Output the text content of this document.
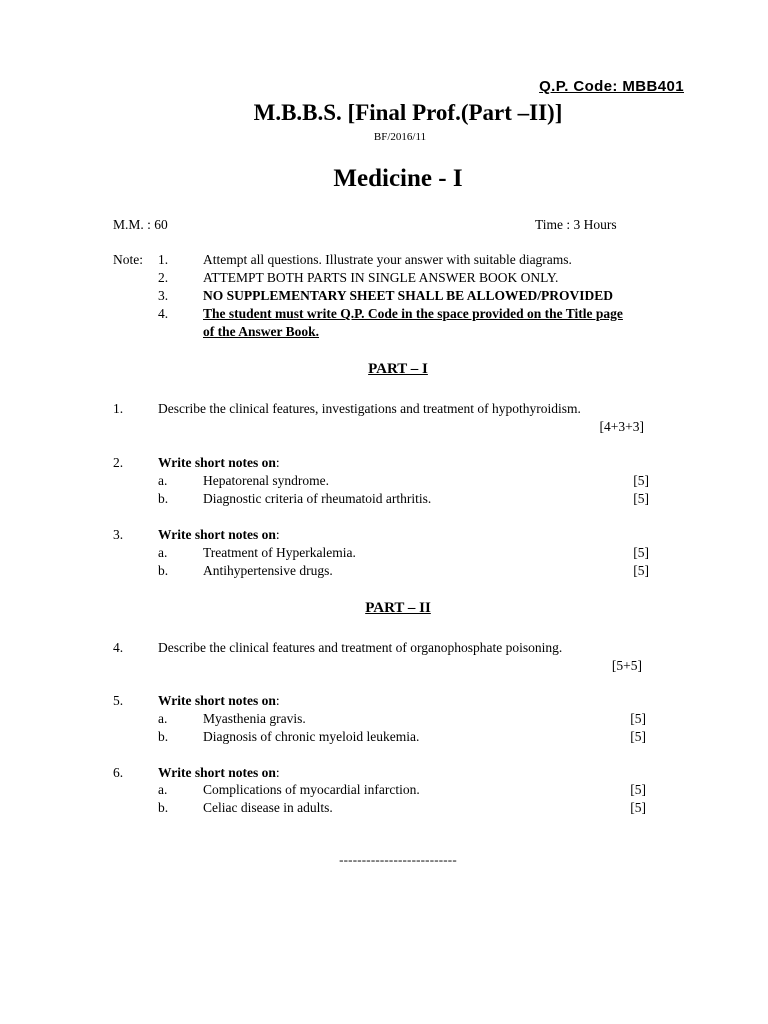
Q.P. Code: MBB401
M.B.B.S. [Final Prof.(Part –II)]
BF/2016/11
Medicine - I
M.M. : 60	Time : 3 Hours
Note: 1.	Attempt all questions. Illustrate your answer with suitable diagrams.
2.	ATTEMPT BOTH PARTS IN SINGLE ANSWER BOOK ONLY.
3.	NO SUPPLEMENTARY SHEET SHALL BE ALLOWED/PROVIDED
4.	The student must write Q.P. Code in the space provided on the Title page
of the Answer Book.
PART – I
1.	Describe the clinical features, investigations and treatment of hypothyroidism.
[4+3+3]
2.	Write short notes on:
a.	Hepatorenal syndrome.	[5]
b.	Diagnostic criteria of rheumatoid arthritis.	[5]
3.	Write short notes on:
a.	Treatment of Hyperkalemia.	[5]
b.	Antihypertensive drugs.	[5]
PART – II
4.	Describe the clinical features and treatment of organophosphate poisoning.
[5+5]
5.	Write short notes on:
a.	Myasthenia gravis.	[5]
b.	Diagnosis of chronic myeloid leukemia.	[5]
6.	Write short notes on:
a.	Complications of myocardial infarction.	[5]
b.	Celiac disease in adults.	[5]
--------------------------
